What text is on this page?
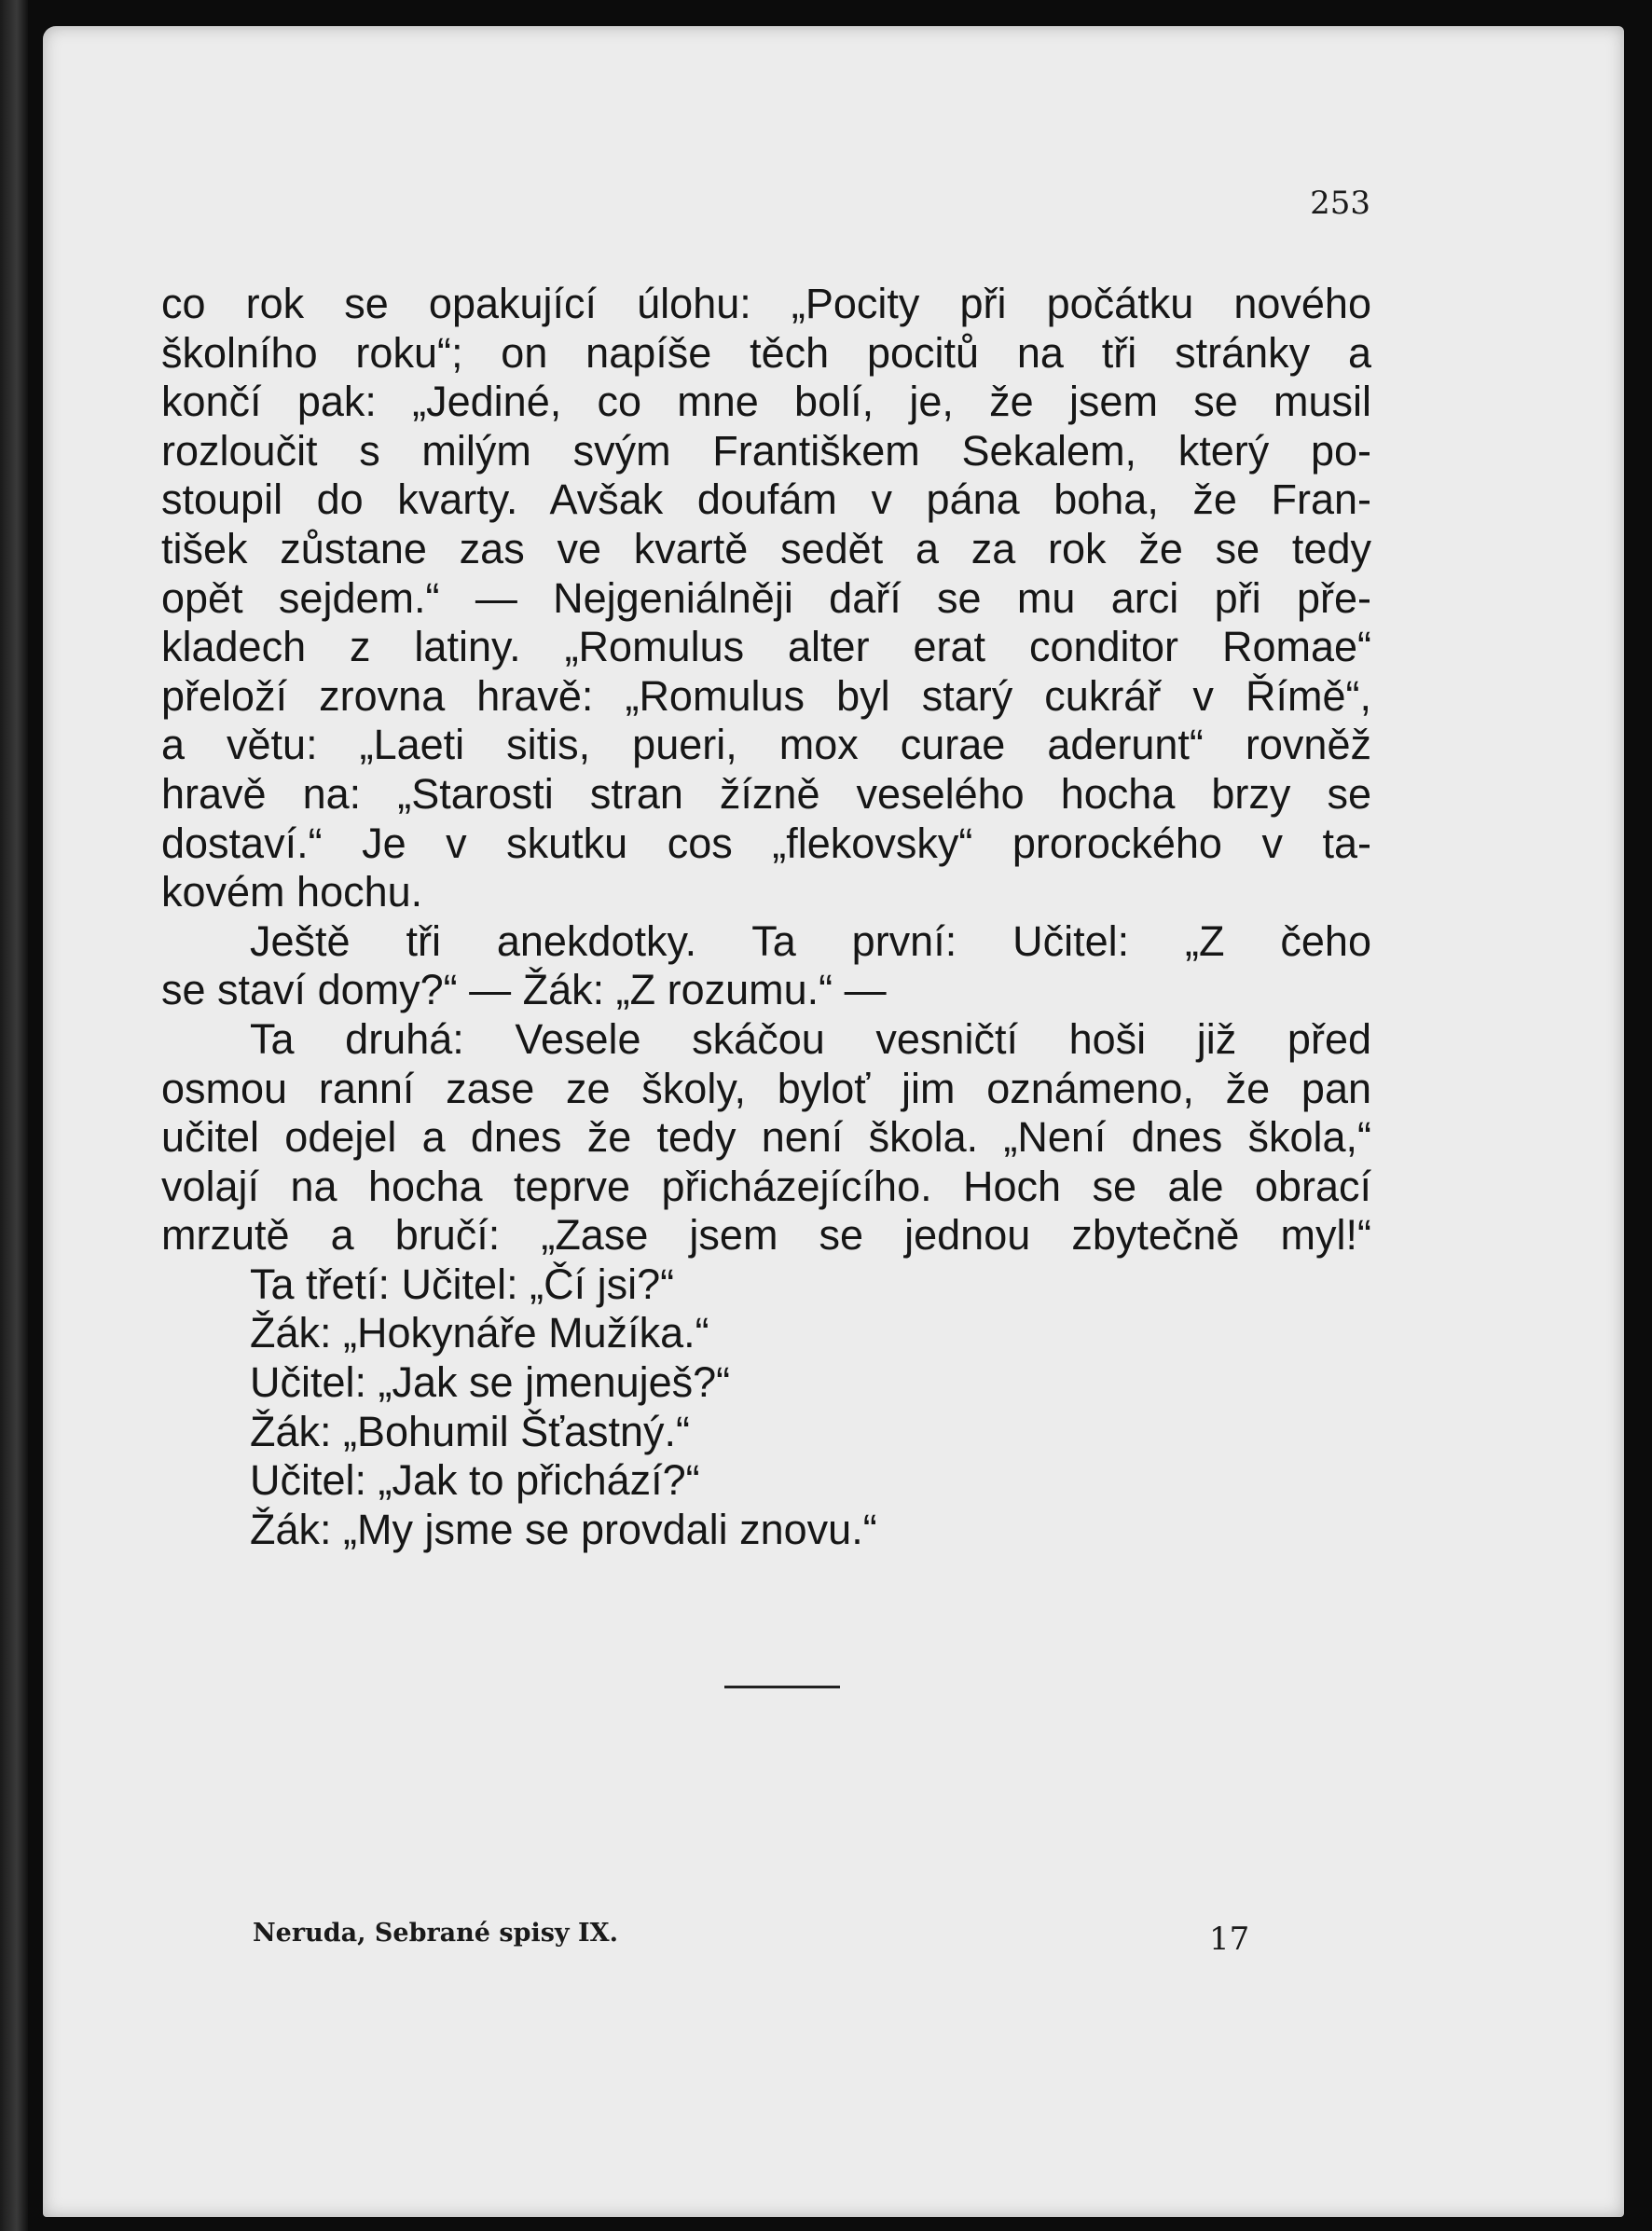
253
co rok se opakující úlohu: „Pocity při počátku nového
školního roku“; on napíše těch pocitů na tři stránky a
končí pak: „Jediné, co mne bolí, je, že jsem se musil
rozloučit s milým svým Františkem Sekalem, který po-
stoupil do kvarty. Avšak doufám v pána boha, že Fran-
tišek zůstane zas ve kvartě sedět a za rok že se tedy
opět sejdem.“ — Nejgeniálněji daří se mu arci při pře-
kladech z latiny. „Romulus alter erat conditor Romae“
přeloží zrovna hravě: „Romulus byl starý cukrář v Římě“,
a větu: „Laeti sitis, pueri, mox curae aderunt“ rovněž
hravě na: „Starosti stran žízně veselého hocha brzy se
dostaví.“ Je v skutku cos „flekovsky“ prorockého v ta-
kovém hochu.
Ještě tři anekdotky. Ta první: Učitel: „Z čeho
se staví domy?“ — Žák: „Z rozumu.“ —
Ta druhá: Vesele skáčou vesničtí hoši již před
osmou ranní zase ze školy, byloť jim oznámeno, že pan
učitel odejel a dnes že tedy není škola. „Není dnes škola,“
volají na hocha teprve přicházejícího. Hoch se ale obrací
mrzutě a bručí: „Zase jsem se jednou zbytečně myl!“
Ta třetí: Učitel: „Čí jsi?“
Žák: „Hokynáře Mužíka.“
Učitel: „Jak se jmenuješ?“
Žák: „Bohumil Šťastný.“
Učitel: „Jak to přichází?“
Žák: „My jsme se provdali znovu.“
Neruda, Sebrané spisy IX.	17
